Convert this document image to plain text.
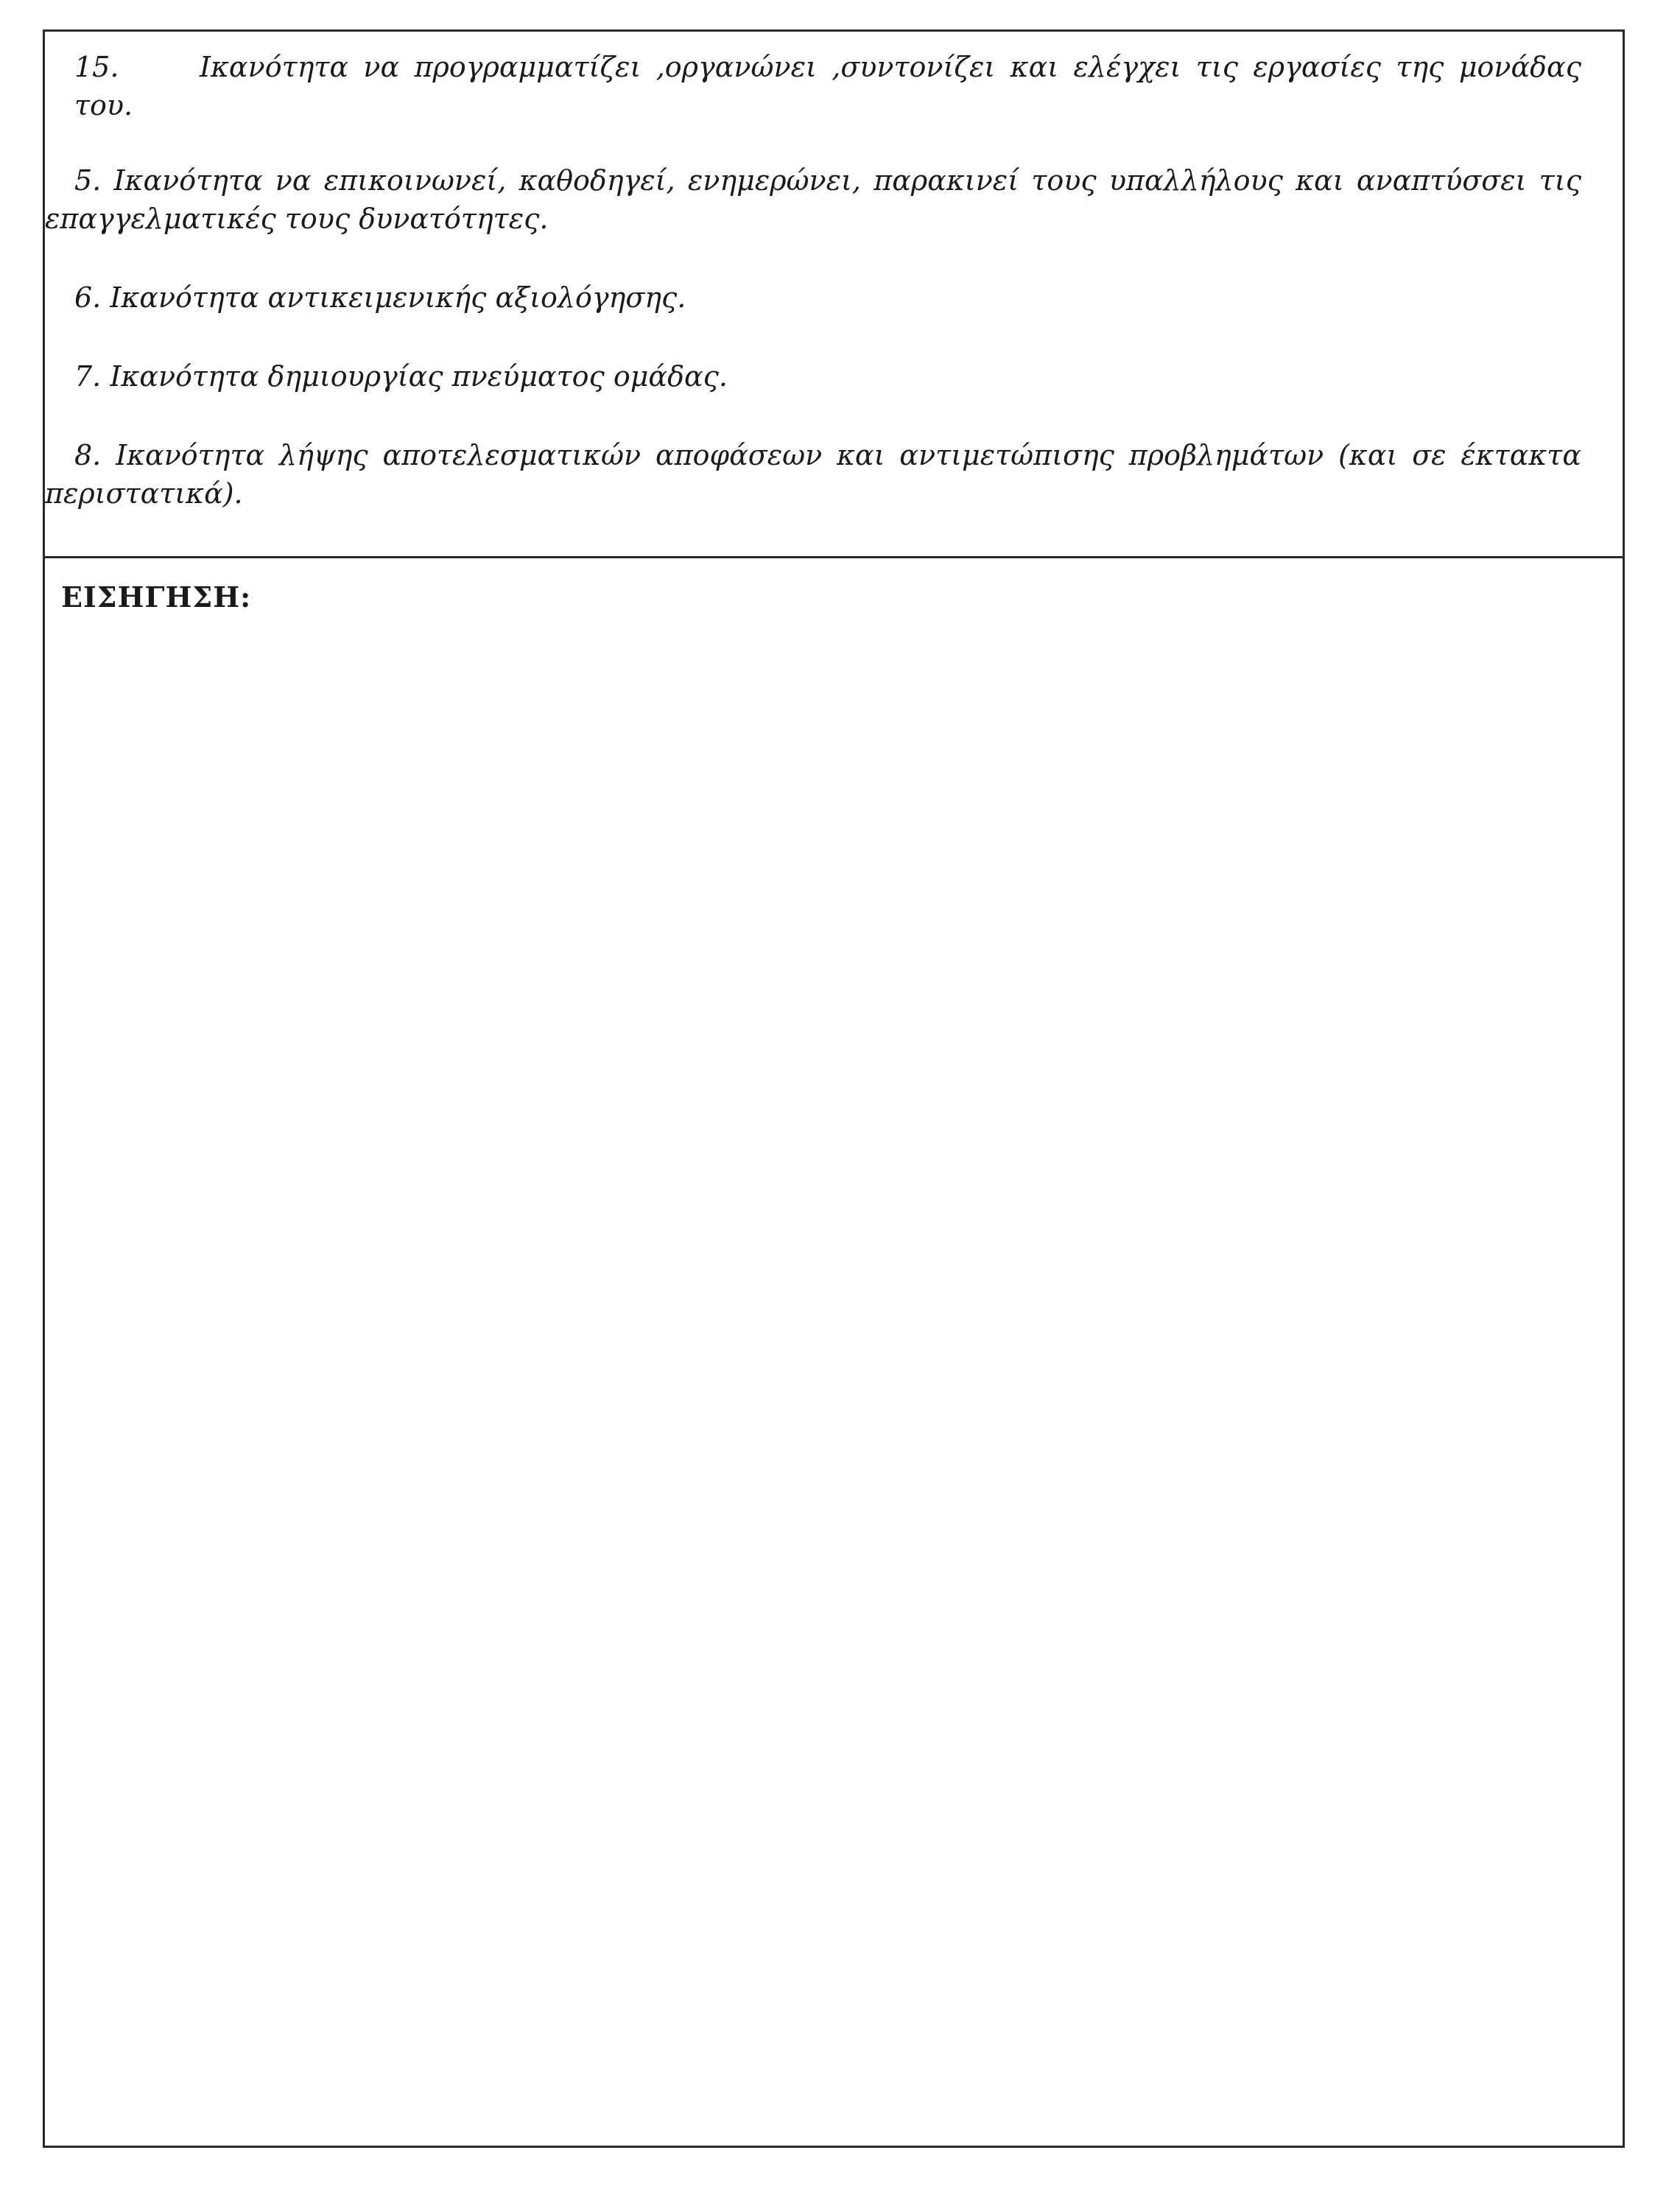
15.	Ικανότητα να προγραμματίζει ,οργανώνει ,συντονίζει και ελέγχει τις εργασίες της μονάδας του.

5. Ικανότητα να επικοινωνεί, καθοδηγεί, ενημερώνει, παρακινεί τους υπαλλήλους και αναπτύσσει τις επαγγελματικές τους δυνατότητες.

6. Ικανότητα αντικειμενικής αξιολόγησης.

7. Ικανότητα δημιουργίας πνεύματος ομάδας.

8. Ικανότητα λήψης αποτελεσματικών αποφάσεων και αντιμετώπισης προβλημάτων (και σε έκτακτα περιστατικά).

ΕΙΣΗΓΗΣΗ:
